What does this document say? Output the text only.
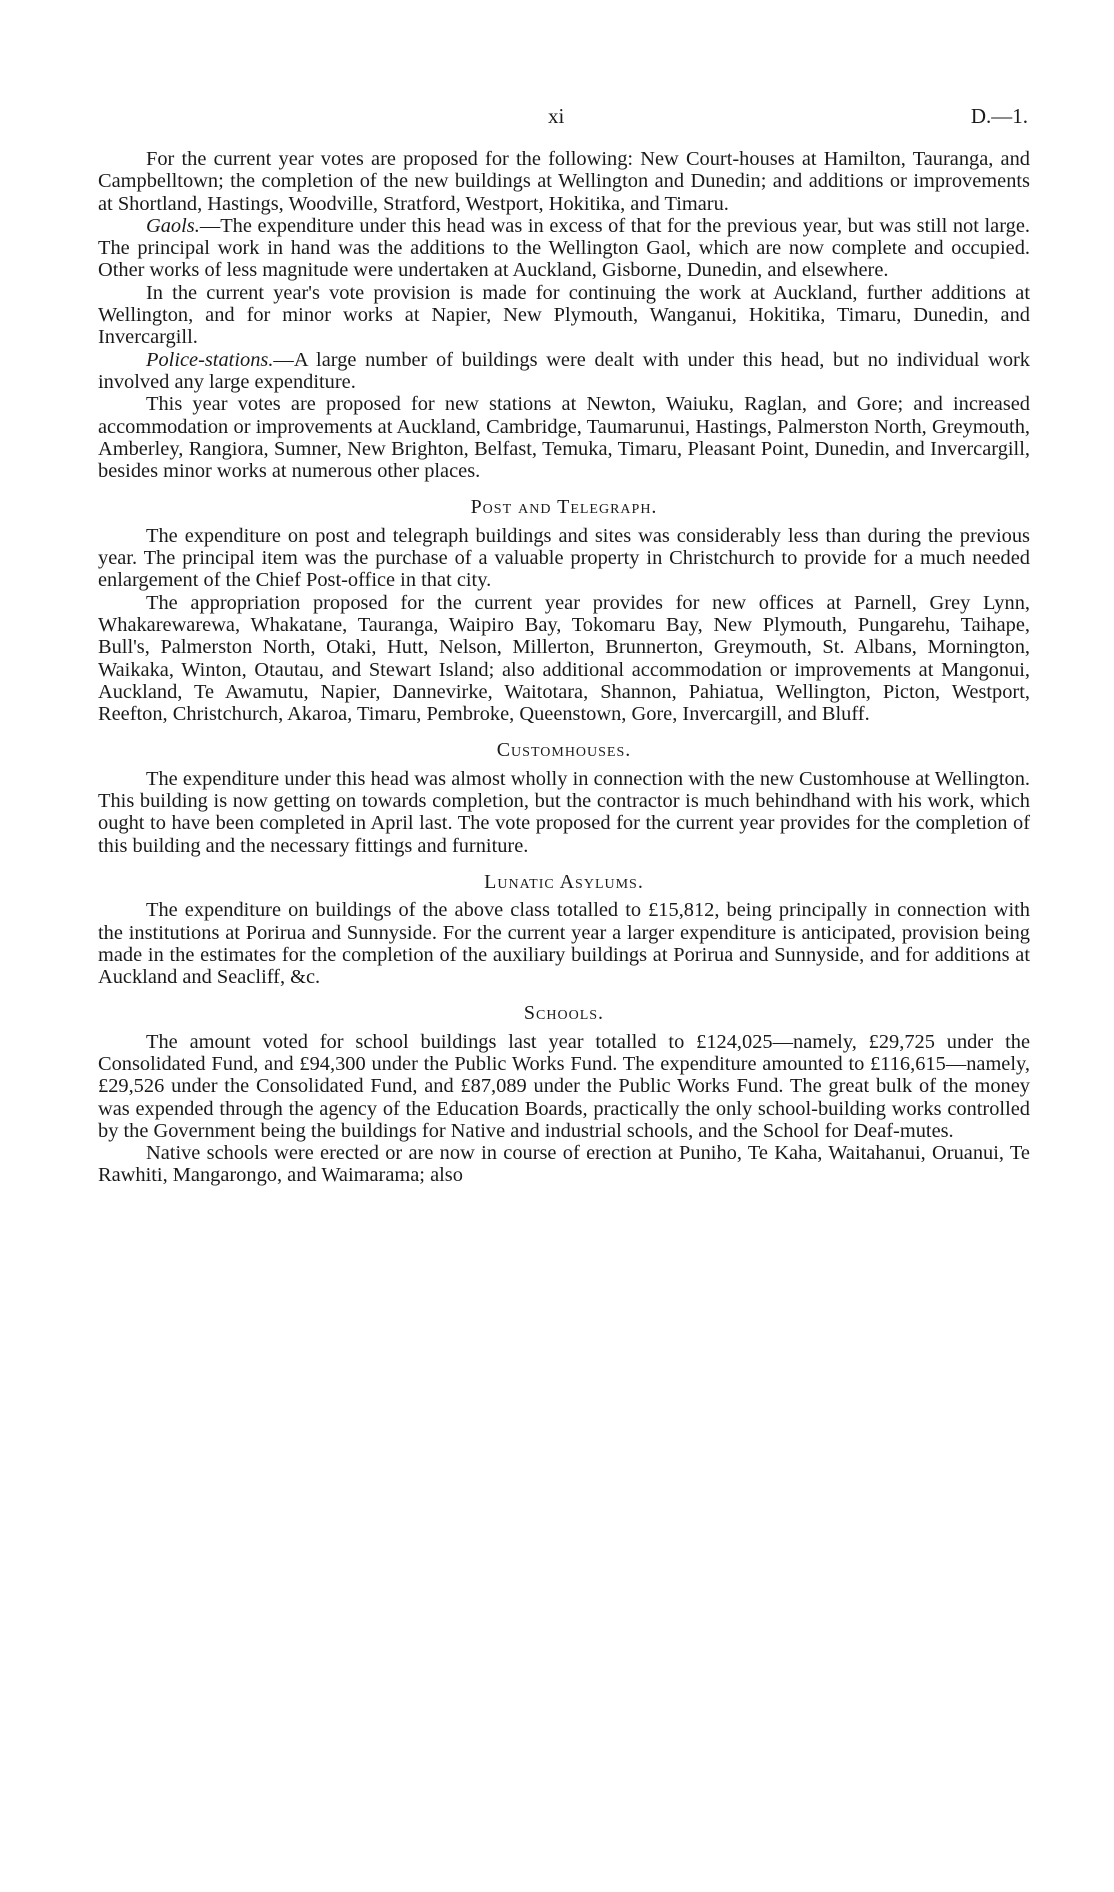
xi	D.—1.

For the current year votes are proposed for the following: New Court-houses at Hamilton, Tauranga, and Campbelltown; the completion of the new buildings at Wellington and Dunedin; and additions or improvements at Shortland, Hastings, Woodville, Stratford, Westport, Hokitika, and Timaru.

Gaols.—The expenditure under this head was in excess of that for the previous year, but was still not large. The principal work in hand was the additions to the Wellington Gaol, which are now complete and occupied. Other works of less magnitude were undertaken at Auckland, Gisborne, Dunedin, and elsewhere.

In the current year's vote provision is made for continuing the work at Auckland, further additions at Wellington, and for minor works at Napier, New Plymouth, Wanganui, Hokitika, Timaru, Dunedin, and Invercargill.

Police-stations.—A large number of buildings were dealt with under this head, but no individual work involved any large expenditure.

This year votes are proposed for new stations at Newton, Waiuku, Raglan, and Gore; and increased accommodation or improvements at Auckland, Cambridge, Taumarunui, Hastings, Palmerston North, Greymouth, Amberley, Rangiora, Sumner, New Brighton, Belfast, Temuka, Timaru, Pleasant Point, Dunedin, and Invercargill, besides minor works at numerous other places.

Post and Telegraph.

The expenditure on post and telegraph buildings and sites was considerably less than during the previous year. The principal item was the purchase of a valuable property in Christchurch to provide for a much needed enlargement of the Chief Post-office in that city.

The appropriation proposed for the current year provides for new offices at Parnell, Grey Lynn, Whakarewarewa, Whakatane, Tauranga, Waipiro Bay, Tokomaru Bay, New Plymouth, Pungarehu, Taihape, Bull's, Palmerston North, Otaki, Hutt, Nelson, Millerton, Brunnerton, Greymouth, St. Albans, Mornington, Waikaka, Winton, Otautau, and Stewart Island; also additional accommodation or improvements at Mangonui, Auckland, Te Awamutu, Napier, Dannevirke, Waitotara, Shannon, Pahiatua, Wellington, Picton, Westport, Reefton, Christchurch, Akaroa, Timaru, Pembroke, Queenstown, Gore, Invercargill, and Bluff.

Customhouses.

The expenditure under this head was almost wholly in connection with the new Customhouse at Wellington. This building is now getting on towards completion, but the contractor is much behindhand with his work, which ought to have been completed in April last. The vote proposed for the current year provides for the completion of this building and the necessary fittings and furniture.

Lunatic Asylums.

The expenditure on buildings of the above class totalled to £15,812, being principally in connection with the institutions at Porirua and Sunnyside. For the current year a larger expenditure is anticipated, provision being made in the estimates for the completion of the auxiliary buildings at Porirua and Sunnyside, and for additions at Auckland and Seacliff, &c.

Schools.

The amount voted for school buildings last year totalled to £124,025—namely, £29,725 under the Consolidated Fund, and £94,300 under the Public Works Fund. The expenditure amounted to £116,615—namely, £29,526 under the Consolidated Fund, and £87,089 under the Public Works Fund. The great bulk of the money was expended through the agency of the Education Boards, practically the only school-building works controlled by the Government being the buildings for Native and industrial schools, and the School for Deaf-mutes.

Native schools were erected or are now in course of erection at Puniho, Te Kaha, Waitahanui, Oruanui, Te Rawhiti, Mangarongo, and Waimarama; also
